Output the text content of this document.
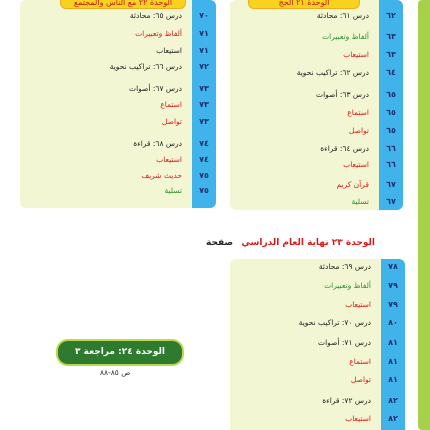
٧٠
٧١
٧١
٧٢
٧٣
٧٣
٧٣
٧٤
٧٤
٧٥
٧٥
درس ٦٥: محادثة
ألفاظ وتعبيرات
استيعاب
درس ٦٦: تراكيب نحوية
درس ٦٧: أصوات
استماع
تواصل
درس ٦٨: قراءة
استيعاب
حديث شريف
تسلية
الوحدة ٢٢ مع الناس والمجتمع
٦٢
٦٣
٦٣
٦٤
٦٥
٦٥
٦٥
٦٦
٦٦
٦٧
٦٧
درس ٦١: محادثة
ألفاظ وتعبيرات
استيعاب
درس ٦٢: تراكيب نحوية
درس ٦٣: أصوات
استماع
تواصل
درس ٦٤: قراءة
استيعاب
قرآن كريم
تسلية
الوحدة ٢١ الحج
الوحدة ٢٣ نهاية العام الدراسي
صفحة
٧٨
٧٩
٧٩
٨٠
٨١
٨١
٨١
٨٢
٨٢
درس ٦٩: محادثة
ألفاظ وتعبيرات
استيعاب
درس ٧٠: تراكيب نحوية
درس ٧١: أصوات
استماع
تواصل
درس ٧٢: قراءة
استيعاب
الوحدة ٢٤: مراجعة ٣
ص ٨٥-٨٨
